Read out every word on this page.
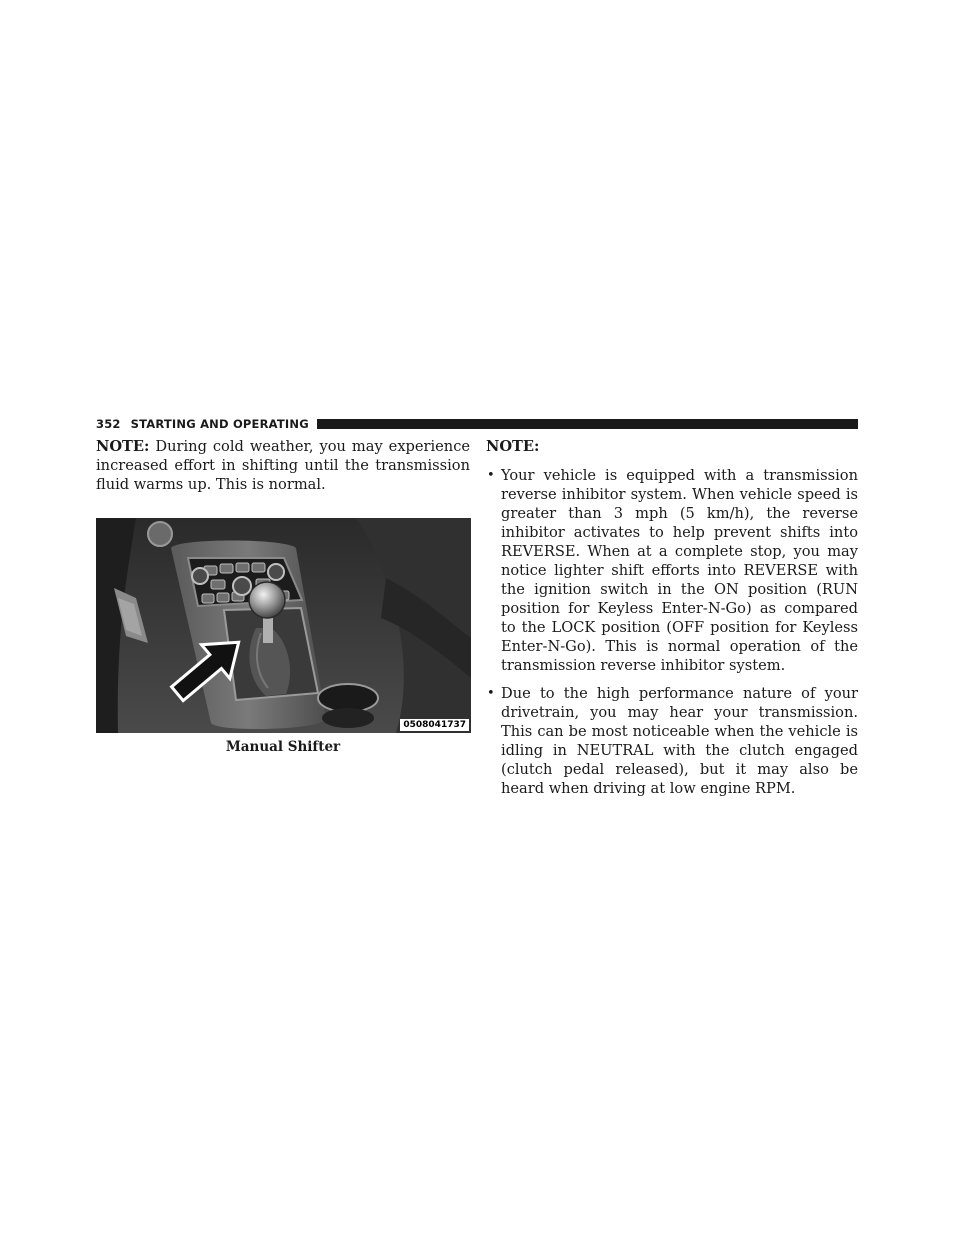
352 STARTING AND OPERATING

NOTE: During cold weather, you may experience increased effort in shifting until the transmission fluid warms up. This is normal.

0508041737
Manual Shifter

NOTE:

• Your vehicle is equipped with a transmission reverse inhibitor system. When vehicle speed is greater than 3 mph (5 km/h), the reverse inhibitor activates to help prevent shifts into REVERSE. When at a complete stop, you may notice lighter shift efforts into REVERSE with the ignition switch in the ON position (RUN position for Keyless Enter-N-Go) as compared to the LOCK position (OFF position for Keyless Enter-N-Go). This is normal operation of the transmission reverse inhibitor system.

• Due to the high performance nature of your drivetrain, you may hear your transmission. This can be most noticeable when the vehicle is idling in NEUTRAL with the clutch engaged (clutch pedal released), but it may also be heard when driving at low engine RPM.
